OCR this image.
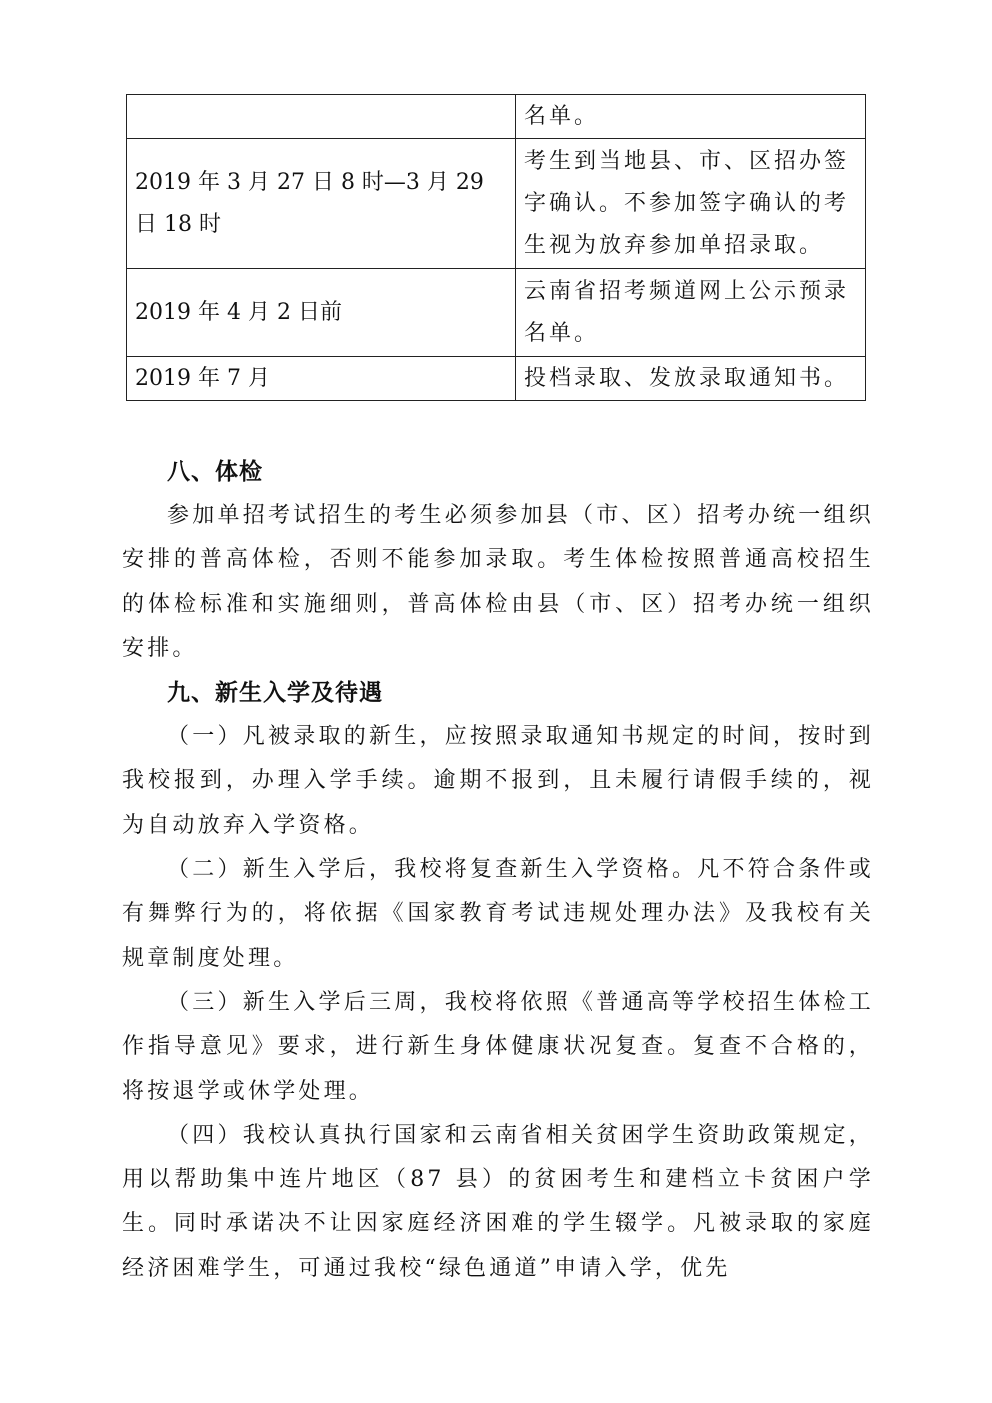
	名单。
2019 年 3 月 27 日 8 时—3 月 29 日 18 时	考生到当地县、市、区招办签字确认。不参加签字确认的考生视为放弃参加单招录取。
2019 年 4 月 2 日前	云南省招考频道网上公示预录名单。
2019 年 7 月	投档录取、发放录取通知书。
八、体检

参加单招考试招生的考生必须参加县（市、区）招考办统一组织安排的普高体检，否则不能参加录取。考生体检按照普通高校招生的体检标准和实施细则，普高体检由县（市、区）招考办统一组织安排。

九、新生入学及待遇

（一）凡被录取的新生，应按照录取通知书规定的时间，按时到我校报到，办理入学手续。逾期不报到，且未履行请假手续的，视为自动放弃入学资格。

（二）新生入学后，我校将复查新生入学资格。凡不符合条件或有舞弊行为的，将依据《国家教育考试违规处理办法》及我校有关规章制度处理。

（三）新生入学后三周，我校将依照《普通高等学校招生体检工作指导意见》要求，进行新生身体健康状况复查。复查不合格的，将按退学或休学处理。

（四）我校认真执行国家和云南省相关贫困学生资助政策规定，用以帮助集中连片地区（87 县）的贫困考生和建档立卡贫困户学生。同时承诺决不让因家庭经济困难的学生辍学。凡被录取的家庭经济困难学生，可通过我校“绿色通道”申请入学，优先
